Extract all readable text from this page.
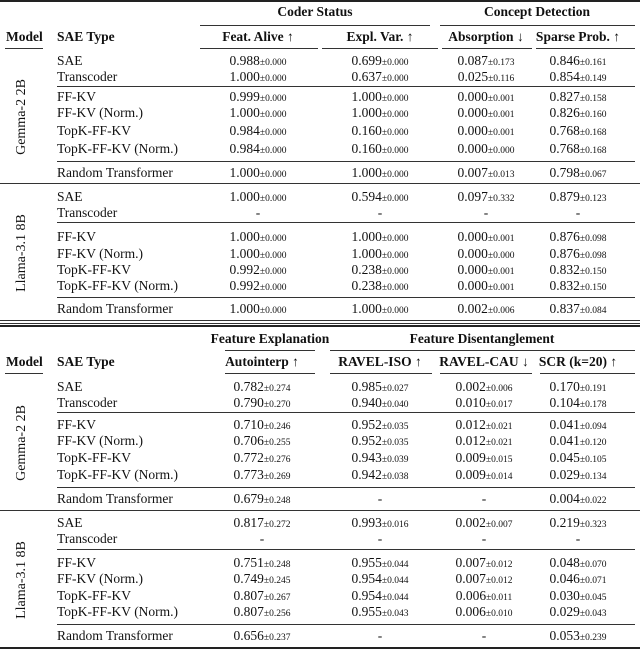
Coder Status	Concept Detection
Model SAE Type	Feat. Alive ↑	Expl. Var. ↑	Absorption ↓ Sparse Prob. ↑
Gemma-2 2B
SAE	0.988±0.000	0.699±0.000	0.087±0.173	0.846±0.161
Transcoder	1.000±0.000	0.637±0.000	0.025±0.116	0.854±0.149
FF-KV	0.999±0.000	1.000±0.000	0.000±0.001	0.827±0.158
FF-KV (Norm.)	1.000±0.000	1.000±0.000	0.000±0.001	0.826±0.160
TopK-FF-KV	0.984±0.000	0.160±0.000	0.000±0.001	0.768±0.168
TopK-FF-KV (Norm.)	0.984±0.000	0.160±0.000	0.000±0.000	0.768±0.168
Random Transformer	1.000±0.000	1.000±0.000	0.007±0.013	0.798±0.067
Llama-3.1 8B
SAE	1.000±0.000	0.594±0.000	0.097±0.332	0.879±0.123
Transcoder	-	-	-	-
FF-KV	1.000±0.000	1.000±0.000	0.000±0.001	0.876±0.098
FF-KV (Norm.)	1.000±0.000	1.000±0.000	0.000±0.000	0.876±0.098
TopK-FF-KV	0.992±0.000	0.238±0.000	0.000±0.001	0.832±0.150
TopK-FF-KV (Norm.)	0.992±0.000	0.238±0.000	0.000±0.001	0.832±0.150
Random Transformer	1.000±0.000	1.000±0.000	0.002±0.006	0.837±0.084
Feature Explanation	Feature Disentanglement
Model SAE Type	Autointerp ↑	RAVEL-ISO ↑ RAVEL-CAU ↓ SCR (k=20) ↑
Gemma-2 2B
SAE	0.782±0.274	0.985±0.027	0.002±0.006	0.170±0.191
Transcoder	0.790±0.270	0.940±0.040	0.010±0.017	0.104±0.178
FF-KV	0.710±0.246	0.952±0.035	0.012±0.021	0.041±0.094
FF-KV (Norm.)	0.706±0.255	0.952±0.035	0.012±0.021	0.041±0.120
TopK-FF-KV	0.772±0.276	0.943±0.039	0.009±0.015	0.045±0.105
TopK-FF-KV (Norm.)	0.773±0.269	0.942±0.038	0.009±0.014	0.029±0.134
Random Transformer	0.679±0.248	-	-	0.004±0.022
Llama-3.1 8B
SAE	0.817±0.272	0.993±0.016	0.002±0.007	0.219±0.323
Transcoder	-	-	-	-
FF-KV	0.751±0.248	0.955±0.044	0.007±0.012	0.048±0.070
FF-KV (Norm.)	0.749±0.245	0.954±0.044	0.007±0.012	0.046±0.071
TopK-FF-KV	0.807±0.267	0.954±0.044	0.006±0.011	0.030±0.045
TopK-FF-KV (Norm.)	0.807±0.256	0.955±0.043	0.006±0.010	0.029±0.043
Random Transformer	0.656±0.237	-	-	0.053±0.239
